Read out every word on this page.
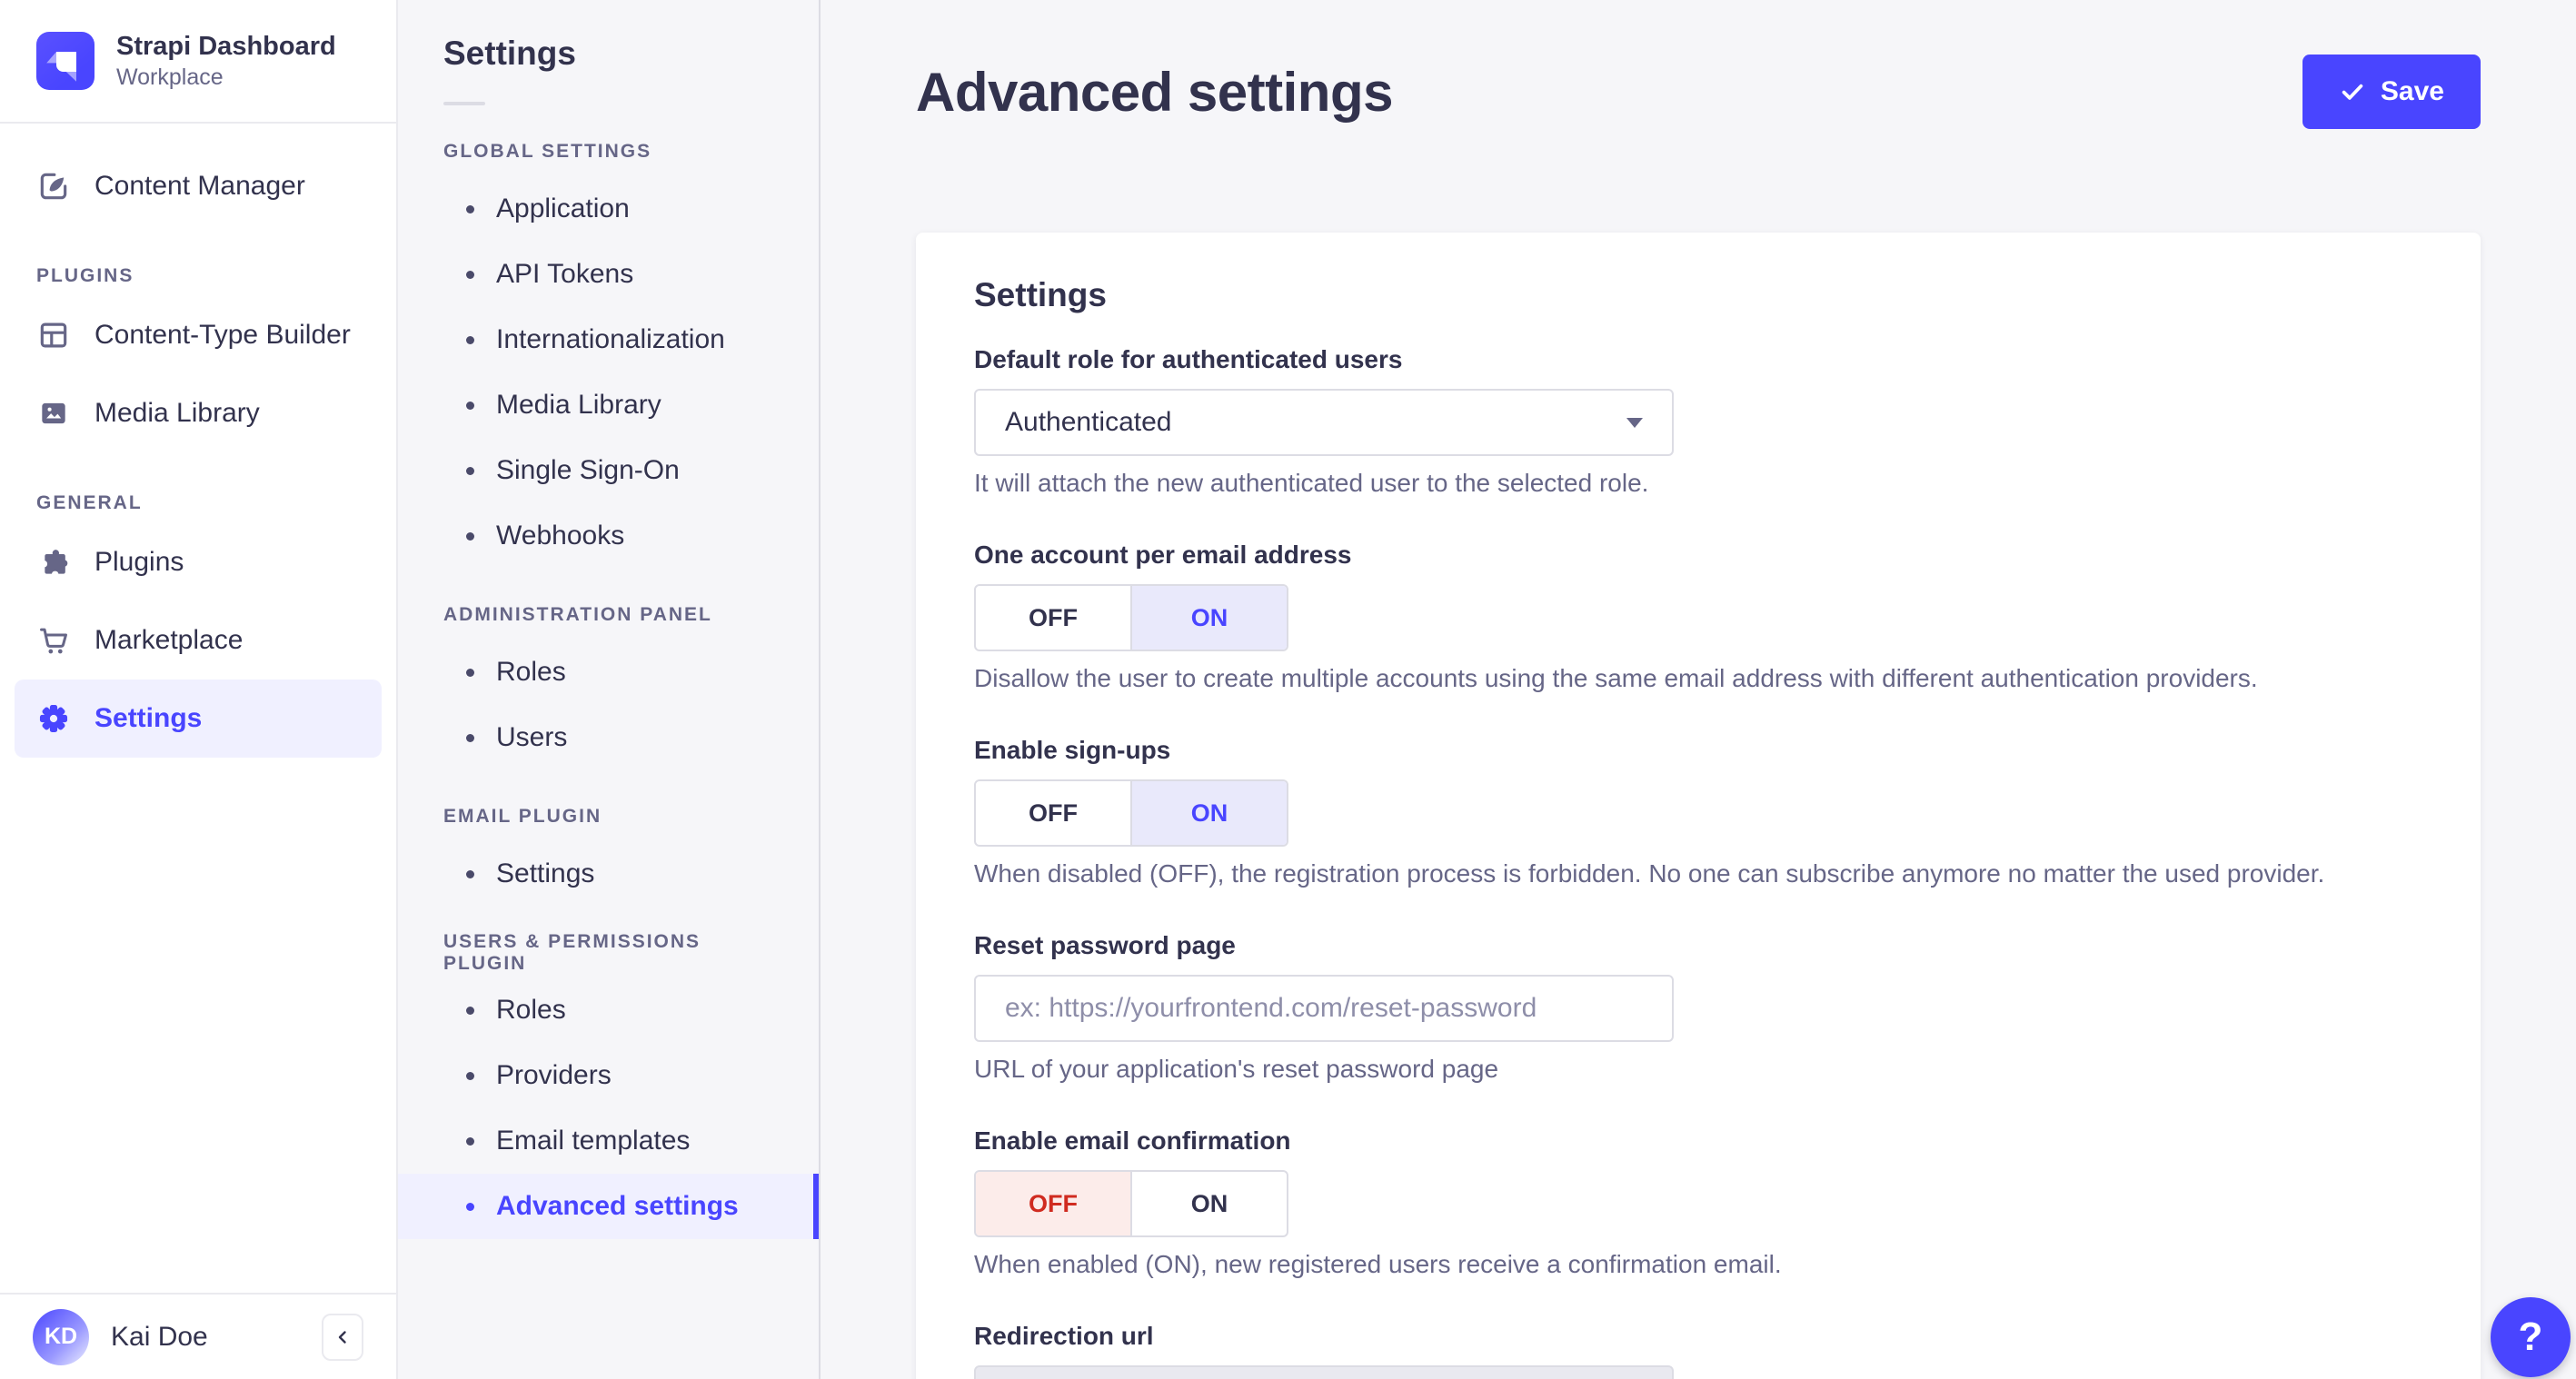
Strapi Dashboard
Workplace
Content Manager
PLUGINS
Content-Type Builder
Media Library
GENERAL
Plugins
Marketplace
Settings
KD	Kai Doe
Settings
GLOBAL SETTINGS
Application
API Tokens
Internationalization
Media Library
Single Sign-On
Webhooks
ADMINISTRATION PANEL
Roles
Users
EMAIL PLUGIN
Settings
USERS & PERMISSIONS PLUGIN
Roles
Providers
Email templates
Advanced settings
Advanced settings	Save
Settings
Default role for authenticated users
Authenticated
It will attach the new authenticated user to the selected role.
One account per email address
OFF	ON
Disallow the user to create multiple accounts using the same email address with different authentication providers.
Enable sign-ups
OFF	ON
When disabled (OFF), the registration process is forbidden. No one can subscribe anymore no matter the used provider.
Reset password page
ex: https://yourfrontend.com/reset-password
URL of your application's reset password page
Enable email confirmation
OFF	ON
When enabled (ON), new registered users receive a confirmation email.
Redirection url
ex: https://yourfrontend.com/reset-password	?
